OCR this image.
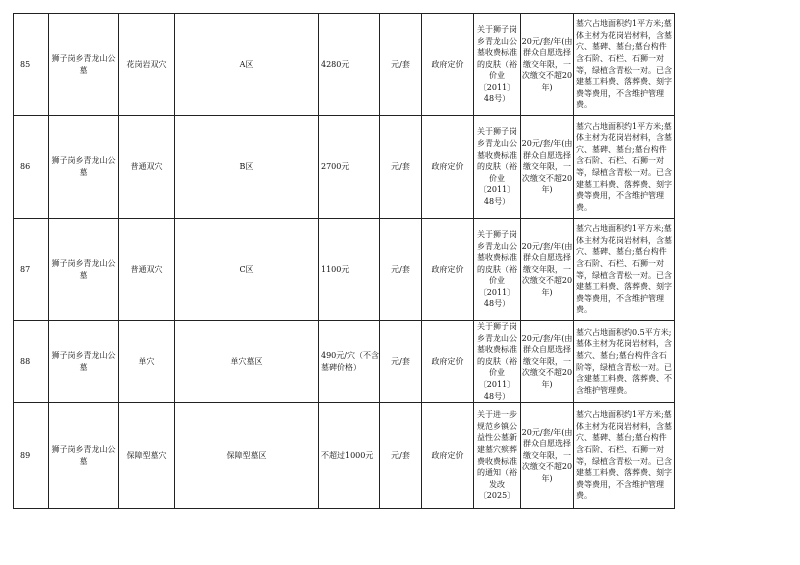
85	狮子岗乡青龙山公墓	花岗岩双穴	A区	4280元	元/套	政府定价	关于狮子岗乡青龙山公墓收费标准的皮肤（裕价业〔2011〕48号）	20元/套/年(由群众自愿选择缴交年限，一次缴交不超20年)	墓穴占地面积约1平方米;墓体主材为花岗岩材料，含墓穴、墓碑、墓台;墓台构件含石阶、石栏、石狮一对等，绿植含青松一对。已含建墓工料费、落葬费、刻字费等费用，不含维护管理费。

86	狮子岗乡青龙山公墓	普通双穴	B区	2700元	元/套	政府定价	关于狮子岗乡青龙山公墓收费标准的皮肤（裕价业〔2011〕48号）	20元/套/年(由群众自愿选择缴交年限，一次缴交不超20年)	墓穴占地面积约1平方米;墓体主材为花岗岩材料，含墓穴、墓碑、墓台;墓台构件含石阶、石栏、石狮一对等，绿植含青松一对。已含建墓工料费、落葬费、刻字费等费用，不含维护管理费。

87	狮子岗乡青龙山公墓	普通双穴	C区	1100元	元/套	政府定价	关于狮子岗乡青龙山公墓收费标准的皮肤（裕价业〔2011〕48号）	20元/套/年(由群众自愿选择缴交年限，一次缴交不超20年)	墓穴占地面积约1平方米;墓体主材为花岗岩材料，含墓穴、墓碑、墓台;墓台构件含石阶、石栏、石狮一对等，绿植含青松一对。已含建墓工料费、落葬费、刻字费等费用，不含维护管理费。

88	狮子岗乡青龙山公墓	单穴	单穴墓区	490元/穴（不含墓碑价格）	元/套	政府定价	关于狮子岗乡青龙山公墓收费标准的皮肤（裕价业〔2011〕48号）	20元/套/年(由群众自愿选择缴交年限，一次缴交不超20年)	墓穴占地面积约0.5平方米;墓体主材为花岗岩材料，含墓穴、墓台;墓台构件含石阶等，绿植含青松一对。已含建墓工料费、落葬费、不含维护管理费。

89	狮子岗乡青龙山公墓	保障型墓穴	保障型墓区	不超过1000元	元/套	政府定价	关于进一步规范乡镇公益性公墓新建墓穴殡葬费收费标准的通知（裕发改〔2025〕	20元/套/年(由群众自愿选择缴交年限，一次缴交不超20年)	墓穴占地面积约1平方米;墓体主材为花岗岩材料，含墓穴、墓碑、墓台;墓台构件含石阶、石栏、石狮一对等，绿植含青松一对。已含建墓工料费、落葬费、刻字费等费用，不含维护管理费。
